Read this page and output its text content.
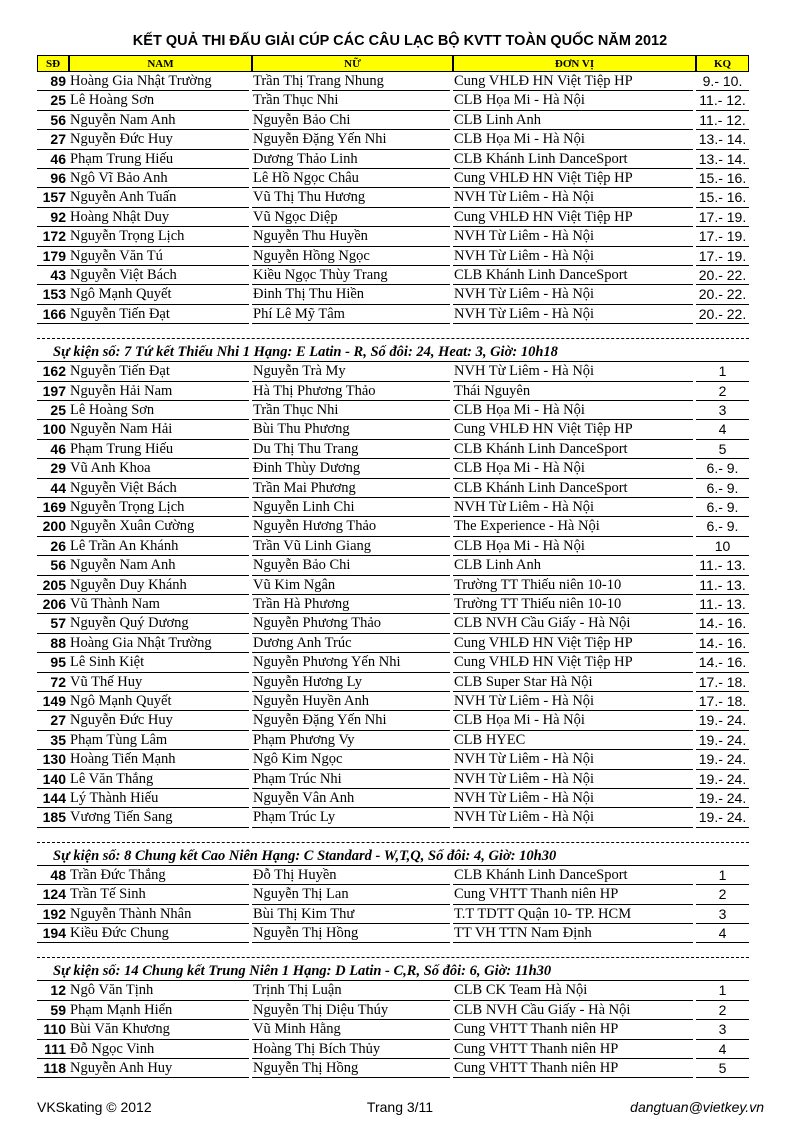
KẾT QUẢ THI ĐẤU GIẢI CÚP CÁC CÂU LẠC BỘ KVTT TOÀN QUỐC NĂM 2012
SĐ	NAM	NỮ	ĐƠN VỊ	KQ
89 Hoàng Gia Nhật Trường	Trần Thị Trang Nhung	Cung VHLĐ HN Việt Tiệp HP	9.- 10.
25 Lê Hoàng Sơn	Trần Thục Nhi	CLB Họa Mi - Hà Nội	11.- 12.
56 Nguyễn Nam Anh	Nguyễn Bảo Chi	CLB Linh Anh	11.- 12.
27 Nguyễn Đức Huy	Nguyễn Đặng Yến Nhi	CLB Họa Mi - Hà Nội	13.- 14.
46 Phạm Trung Hiếu	Dương Thảo Linh	CLB Khánh Linh DanceSport	13.- 14.
96 Ngô Vĩ Bảo Anh	Lê Hồ Ngọc Châu	Cung VHLĐ HN Việt Tiệp HP	15.- 16.
157 Nguyễn Anh Tuấn	Vũ Thị Thu Hương	NVH Từ Liêm - Hà Nội	15.- 16.
92 Hoàng Nhật Duy	Vũ Ngọc Diệp	Cung VHLĐ HN Việt Tiệp HP	17.- 19.
172 Nguyễn Trọng Lịch	Nguyễn Thu Huyền	NVH Từ Liêm - Hà Nội	17.- 19.
179 Nguyễn Văn Tú	Nguyễn Hồng Ngọc	NVH Từ Liêm - Hà Nội	17.- 19.
43 Nguyễn Việt Bách	Kiều Ngọc Thùy Trang	CLB Khánh Linh DanceSport	20.- 22.
153 Ngô Mạnh Quyết	Đinh Thị Thu Hiền	NVH Từ Liêm - Hà Nội	20.- 22.
166 Nguyễn Tiến Đạt	Phí Lê Mỹ Tâm	NVH Từ Liêm - Hà Nội	20.- 22.
162 Nguyễn Tiến Đạt	Nguyễn Trà My	NVH Từ Liêm - Hà Nội	1
197 Nguyễn Hải Nam	Hà Thị Phương Thảo	Thái Nguyên	2
25 Lê Hoàng Sơn	Trần Thục Nhi	CLB Họa Mi - Hà Nội	3
100 Nguyễn Nam Hải	Bùi Thu Phương	Cung VHLĐ HN Việt Tiệp HP	4
46 Phạm Trung Hiếu	Du Thị Thu Trang	CLB Khánh Linh DanceSport	5
29 Vũ Anh Khoa	Đinh Thùy Dương	CLB Họa Mi - Hà Nội	6.- 9.
44 Nguyễn Việt Bách	Trần Mai Phương	CLB Khánh Linh DanceSport	6.- 9.
169 Nguyễn Trọng Lịch	Nguyễn Linh Chi	NVH Từ Liêm - Hà Nội	6.- 9.
200 Nguyễn Xuân Cường	Nguyễn Hương Thảo	The Experience - Hà Nội	6.- 9.
26 Lê Trần An Khánh	Trần Vũ Linh Giang	CLB Họa Mi - Hà Nội	10
56 Nguyễn Nam Anh	Nguyễn Bảo Chi	CLB Linh Anh	11.- 13.
205 Nguyễn Duy Khánh	Vũ Kim Ngân	Trường TT Thiếu niên 10-10	11.- 13.
206 Vũ Thành Nam	Trần Hà Phương	Trường TT Thiếu niên 10-10	11.- 13.
57 Nguyễn Quý Dương	Nguyễn Phương Thảo	CLB NVH Cầu Giấy - Hà Nội	14.- 16.
88 Hoàng Gia Nhật Trường	Dương Anh Trúc	Cung VHLĐ HN Việt Tiệp HP	14.- 16.
95 Lê Sinh Kiệt	Nguyễn Phương Yến Nhi	Cung VHLĐ HN Việt Tiệp HP	14.- 16.
72 Vũ Thế Huy	Nguyễn Hương Ly	CLB Super Star Hà Nội	17.- 18.
149 Ngô Mạnh Quyết	Nguyễn Huyền Anh	NVH Từ Liêm - Hà Nội	17.- 18.
27 Nguyễn Đức Huy	Nguyễn Đặng Yến Nhi	CLB Họa Mi - Hà Nội	19.- 24.
35 Phạm Tùng Lâm	Phạm Phương Vy	CLB HYEC	19.- 24.
130 Hoàng Tiến Mạnh	Ngô Kim Ngọc	NVH Từ Liêm - Hà Nội	19.- 24.
140 Lê Văn Thắng	Phạm Trúc Nhi	NVH Từ Liêm - Hà Nội	19.- 24.
144 Lý Thành Hiếu	Nguyễn Vân Anh	NVH Từ Liêm - Hà Nội	19.- 24.
185 Vương Tiến Sang	Phạm Trúc Ly	NVH Từ Liêm - Hà Nội	19.- 24.
48 Trần Đức Thắng	Đỗ Thị Huyền	CLB Khánh Linh DanceSport	1
124 Trần Tế Sinh	Nguyễn Thị Lan	Cung VHTT Thanh niên HP	2
192 Nguyễn Thành Nhân	Bùi Thị Kim Thư	T.T TDTT Quận 10- TP. HCM	3
194 Kiều Đức Chung	Nguyễn Thị Hồng	TT VH TTN Nam Định	4
12 Ngô Văn Tịnh	Trịnh Thị Luận	CLB CK Team Hà Nội	1
59 Phạm Mạnh Hiển	Nguyễn Thị Diệu Thúy	CLB NVH Cầu Giấy - Hà Nội	2
110 Bùi Văn Khương	Vũ Minh Hằng	Cung VHTT Thanh niên HP	3
111 Đỗ Ngọc Vinh	Hoàng Thị Bích Thủy	Cung VHTT Thanh niên HP	4
118 Nguyễn Anh Huy	Nguyễn Thị Hồng	Cung VHTT Thanh niên HP	5
VKSkating © 2012	Trang 3/11	dangtuan@vietkey.vn
Sự kiện số: 7 Tứ kết Thiếu Nhi 1 Hạng: E Latin - R, Số đôi: 24, Heat: 3, Giờ: 10h18
Sự kiện số: 8 Chung kết Cao Niên Hạng: C Standard - W,T,Q, Số đôi: 4, Giờ: 10h30
Sự kiện số: 14 Chung kết Trung Niên 1 Hạng: D Latin - C,R, Số đôi: 6, Giờ: 11h30
